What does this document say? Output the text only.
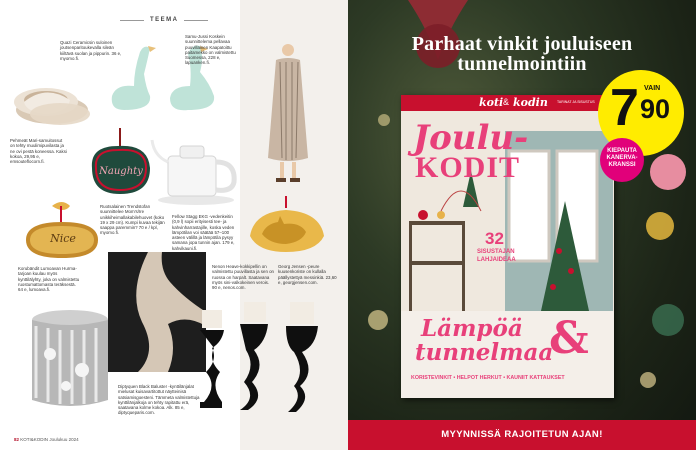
TEEMA
Quazi Ceramicsin suloinen joutsenparitoukevalla sileän kiiltävä suolan ja pippurin. 36 e, myomo.fi.
Pehmeät Mari-samuitossut on tehty muulimipuvilasta ja ne ovi pestä koneessa. Kaksi kokoa, 29,95 e, emsouteflocorn.fi.
Samu-Jussi Koskein suunnittelema pellavaa puuvillainen Kaapatoittu paitamekko on valmistettu Suomessa, 228 e, lapuanken.fi.
Naughty
Nice
Ruotsalainen Trendstofan suunnittelee Mom’s/Ire unikkiheimallakabilehuovet (koko 19 x 29 cm). Kumpi kuvaa tekijän saappa paremmin? 70 e / kpl, myomo.fi.
Fellow Stagg EKG -vedenkeitin (0,9 l) sopii erityisesti tee- ja kahvinharrastajille, koska veden lämpötilan voi säätää 57–100 asteen välillä ja lämpötila pysyy samana jopa tunnin ajan. 179 e, kahvikauni.fi.
Georg Jensen -peure kuusenkoriste on kullalla päällystettyä messinkiä. 23,60 e, georgjensen.com.
Nenon Heave-kokkipellin on valmistettu puuvillasta ja sen on ruossa on harpalt. Saatavana myös sini-valkokeinen verois. 90 e, nenos.com.
Korubändit Lumoavan Hurma-tarjoan kuulau myös kynttilälyhty, joka on valmistettu ruostumattomasta teräksestä. 64 e, lumoava.fi.
Diptyquen Black Baluster -kynttilänjalat mielusat kuisavartitottut näytteinisä satsiamisgoesteni. Tämmeta valmistettuja kynttilänjalkoja on tehty rapitattu erä, saatavana kolme kokoa. Alk. 85 e, diptyqueparis.com.
82 KOTI&KODIN Joulukuu 2024
Parhaat vinkit jouluiseen
tunnelmointiin
koti & kodin	TARINAT JA SISUSTUS
Joulu-
KODIT
32
SISUSTAJAN
LAHJAIDEAA
Lämpöä
tunnelmaa
&
KORISTEVINKIT • HELPOT HERKUT • KAUNIIT KATTAUKSET
VAIN
7 90
KIEPAUTA KANERVA-KRANSSI
MYYNNISSÄ RAJOITETUN AJAN!
